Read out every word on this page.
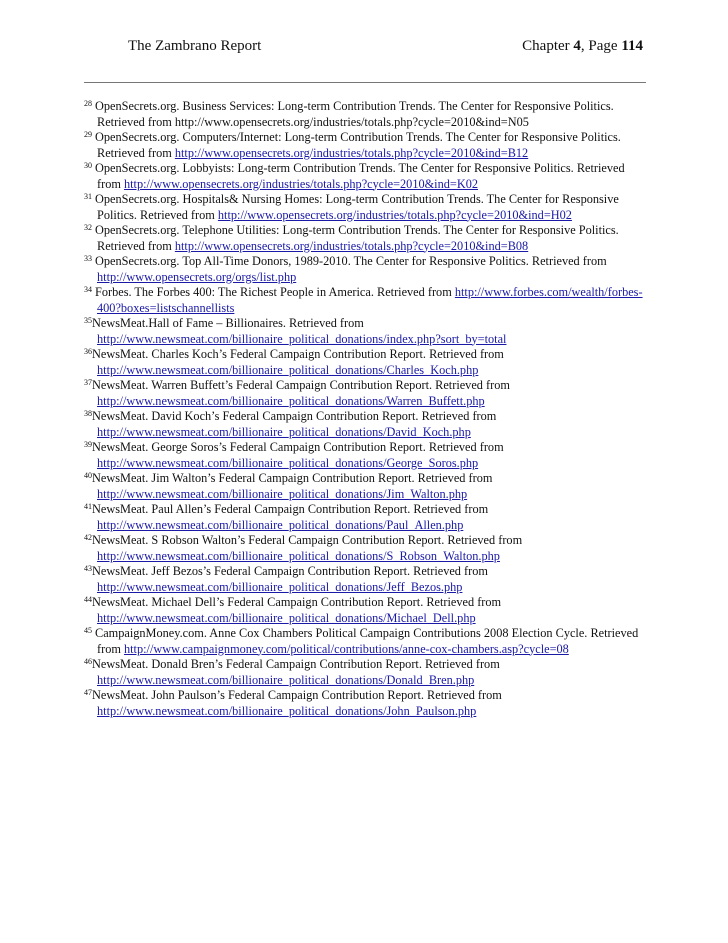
The Zambrano Report	Chapter 4, Page 114

$^{28}$ OpenSecrets.org. Business Services: Long-term Contribution Trends. The Center for Responsive Politics. Retrieved from http://www.opensecrets.org/industries/totals.php?cycle=2010&ind=N05

$^{29}$ OpenSecrets.org. Computers/Internet: Long-term Contribution Trends. The Center for Responsive Politics. Retrieved from http://www.opensecrets.org/industries/totals.php?cycle=2010&ind=B12

$^{30}$ OpenSecrets.org. Lobbyists: Long-term Contribution Trends. The Center for Responsive Politics. Retrieved from http://www.opensecrets.org/industries/totals.php?cycle=2010&ind=K02

$^{31}$ OpenSecrets.org. Hospitals& Nursing Homes: Long-term Contribution Trends. The Center for Responsive Politics. Retrieved from http://www.opensecrets.org/industries/totals.php?cycle=2010&ind=H02

$^{32}$ OpenSecrets.org. Telephone Utilities: Long-term Contribution Trends. The Center for Responsive Politics. Retrieved from http://www.opensecrets.org/industries/totals.php?cycle=2010&ind=B08

$^{33}$ OpenSecrets.org. Top All-Time Donors, 1989-2010. The Center for Responsive Politics. Retrieved from http://www.opensecrets.org/orgs/list.php

$^{34}$ Forbes. The Forbes 400: The Richest People in America. Retrieved from http://www.forbes.com/wealth/forbes-400?boxes=listschannellists

$^{35}$NewsMeat.Hall of Fame – Billionaires. Retrieved from http://www.newsmeat.com/billionaire_political_donations/index.php?sort_by=total

$^{36}$NewsMeat. Charles Koch’s Federal Campaign Contribution Report. Retrieved from http://www.newsmeat.com/billionaire_political_donations/Charles_Koch.php

$^{37}$NewsMeat. Warren Buffett’s Federal Campaign Contribution Report. Retrieved from http://www.newsmeat.com/billionaire_political_donations/Warren_Buffett.php

$^{38}$NewsMeat. David Koch’s Federal Campaign Contribution Report. Retrieved from http://www.newsmeat.com/billionaire_political_donations/David_Koch.php

$^{39}$NewsMeat. George Soros’s Federal Campaign Contribution Report. Retrieved from http://www.newsmeat.com/billionaire_political_donations/George_Soros.php

$^{40}$NewsMeat. Jim Walton’s Federal Campaign Contribution Report. Retrieved from http://www.newsmeat.com/billionaire_political_donations/Jim_Walton.php

$^{41}$NewsMeat. Paul Allen’s Federal Campaign Contribution Report. Retrieved from http://www.newsmeat.com/billionaire_political_donations/Paul_Allen.php

$^{42}$NewsMeat. S Robson Walton’s Federal Campaign Contribution Report. Retrieved from http://www.newsmeat.com/billionaire_political_donations/S_Robson_Walton.php

$^{43}$NewsMeat. Jeff Bezos’s Federal Campaign Contribution Report. Retrieved from http://www.newsmeat.com/billionaire_political_donations/Jeff_Bezos.php

$^{44}$NewsMeat. Michael Dell’s Federal Campaign Contribution Report. Retrieved from http://www.newsmeat.com/billionaire_political_donations/Michael_Dell.php

$^{45}$ CampaignMoney.com. Anne Cox Chambers Political Campaign Contributions 2008 Election Cycle. Retrieved from http://www.campaignmoney.com/political/contributions/anne-cox-chambers.asp?cycle=08

$^{46}$NewsMeat. Donald Bren’s Federal Campaign Contribution Report. Retrieved from http://www.newsmeat.com/billionaire_political_donations/Donald_Bren.php

$^{47}$NewsMeat. John Paulson’s Federal Campaign Contribution Report. Retrieved from http://www.newsmeat.com/billionaire_political_donations/John_Paulson.php
